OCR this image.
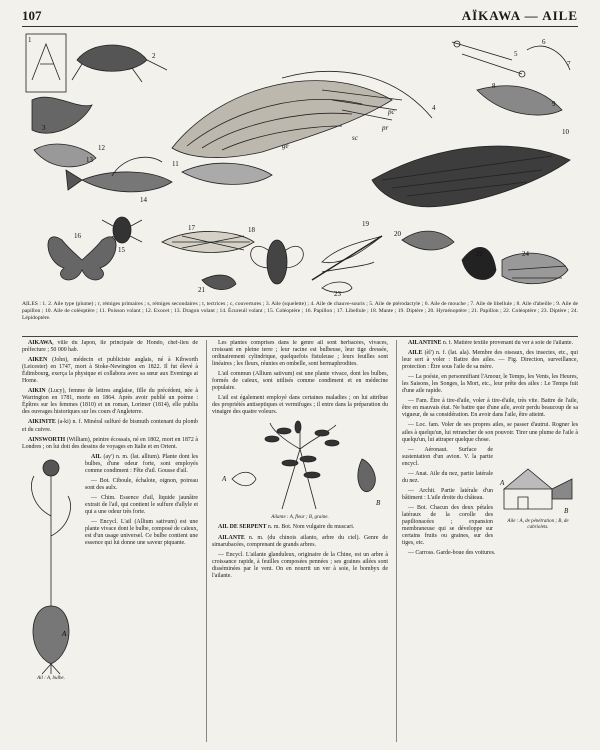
107	AÏKAWA — AILE
1
2
3
4
5
6
7
8
9
10
11
12
13
14
15
16
17	18
19
20
21
22
23
24
pr
pc
sc
ge
AILES : 1. 2. Aile type (plume) ; r, rémiges primaires ; s, rémiges secondaires ; t, tectrices ; c, couvertures ; 3. Aile (squelette) ; 4. Aile de chauve-souris ; 5. Aile de ptérodactyle ; 6. Aile de mouche ; 7. Aile de libellule ; 8. Aile d'abeille ; 9. Aile de papillon ; 10. Aile de coléoptère ; 11. Poisson volant ; 12. Exocet ; 13. Dragon volant ; 14. Écureuil volant ; 15. Coléoptère ; 16. Papillon ; 17. Libellule ; 18. Mante ; 19. Diptère ; 20. Hyménoptère ; 21. Papillon ; 22. Coléoptère ; 23. Diptère ; 24. Lépidoptère.

AÏKAWA, ville du Japon, île principale de Hondo, chef-lieu de préfecture ; 50 000 hab.

AIKEN (John), médecin et publiciste anglais, né à Kibworth (Leicester) en 1747, mort à Stoke-Newington en 1822. Il fut élevé à Édimbourg, exerça la physique et collabora avec sa sœur aux Evenings at Home.

AIKIN (Lucy), femme de lettres anglaise, fille du précédent, née à Warrington en 1781, morte en 1864. Après avoir publié un poème : Épîtres sur les femmes (1810) et un roman, Lorimer (1814), elle publia des ouvrages historiques sur les cours d'Angleterre.

AIKINITE (a-ki) n. f. Minéral sulfuré de bismuth contenant du plomb et du cuivre.

AINSWORTH (William), peintre écossais, né en 1802, mort en 1872 à Londres ; on lui doit des dessins de voyages en Italie et en Orient.

A
Ail : A, bulbe.

AIL (ay') n. m. (lat. allium). Plante dont les bulbes, d'une odeur forte, sont employés comme condiment : Fête d'ail. Gousse d'ail.

— Bot. Ciboule, échalote, oignon, poireau sont des aulx.

— Chim. Essence d'ail, liquide jaunâtre extrait de l'ail, qui contient le sulfure d'allyle et qui a une odeur très forte.

— Encycl. L'ail (Allium sativum) est une plante vivace dont le bulbe, composé de caïeux, est d'un usage universel. Ce bulbe contient une essence qui lui donne une saveur piquante.

Les plantes comprises dans le genre ail sont herbacées, vivaces, croissant en pleine terre ; leur racine est bulbeuse, leur tige dressée, ordinairement cylindrique, quelquefois fistuleuse ; leurs feuilles sont linéaires ; les fleurs, réunies en ombelle, sont hermaphrodites.

L'ail commun (Allium sativum) est une plante vivace, dont les bulbes, formés de caïeux, sont utilisés comme condiment et en médecine populaire.

L'ail est également employé dans certaines maladies ; on lui attribue des propriétés antiseptiques et vermifuges ; il entre dans la préparation du vinaigre des quatre voleurs.

A
B
Ailante : A, fleur ; B, graine.

AIL DE SERPENT n. m. Bot. Nom vulgaire du muscari.

AILANTE n. m. (du chinois ailanto, arbre du ciel). Genre de simarubacées, comprenant de grands arbres.

— Encycl. L'ailante glanduleux, originaire de la Chine, est un arbre à croissance rapide, à feuilles composées pennées ; ses graines ailées sont disséminées par le vent. On en nourrit un ver à soie, le bombyx de l'ailante.

AILANTINE n. f. Matière textile provenant du ver à soie de l'ailante.

AILE (èl') n. f. (lat. ala). Membre des oiseaux, des insectes, etc., qui leur sert à voler : Battre des ailes. — Fig. Direction, surveillance, protection : Être sous l'aile de sa mère.

— La poésie, en personnifiant l'Amour, le Temps, les Vents, les Heures, les Saisons, les Songes, la Mort, etc., leur prête des ailes : Le Temps fuit d'une aile rapide.

— Fam. Être à tire-d'aile, voler à tire-d'aile, très vite. Battre de l'aile, être en mauvais état. Ne battre que d'une aile, avoir perdu beaucoup de sa vigueur, de sa considération. En avoir dans l'aile, être atteint.

— Loc. fam. Voler de ses propres ailes, se passer d'autrui. Rogner les ailes à quelqu'un, lui retrancher de son pouvoir. Tirer une plume de l'aile à quelqu'un, lui attraper quelque chose.

A
B
Aile : A, de pénétration ; B, de cabriolets.

— Aéronaut. Surface de sustentation d'un avion. V. la partie encycl.

— Anat. Aile du nez, partie latérale du nez.

— Archit. Partie latérale d'un bâtiment : L'aile droite du château.

— Bot. Chacun des deux pétales latéraux de la corolle des papilionacées ; expansion membraneuse qui se développe sur certains fruits ou graines, sur des tiges, etc.

— Carross. Garde-boue des voitures.
